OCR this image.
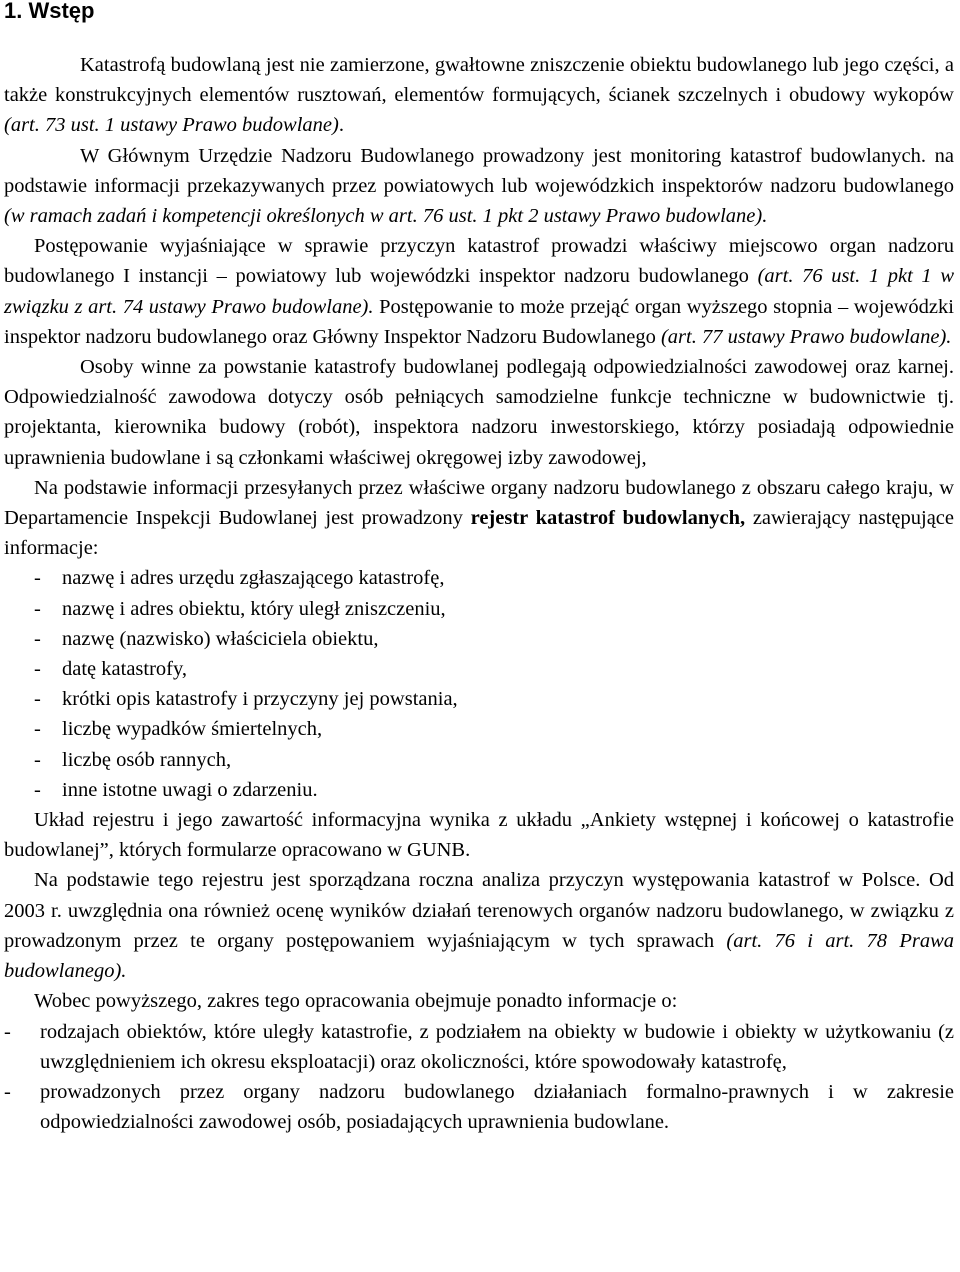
1. Wstęp

Katastrofą budowlaną jest nie zamierzone, gwałtowne zniszczenie obiektu budowlanego lub jego części, a także konstrukcyjnych elementów rusztowań, elementów formujących, ścianek szczelnych i obudowy wykopów (art. 73 ust. 1 ustawy Prawo budowlane).

W Głównym Urzędzie Nadzoru Budowlanego prowadzony jest monitoring katastrof budowlanych. na podstawie informacji przekazywanych przez powiatowych lub wojewódzkich inspektorów nadzoru budowlanego (w ramach zadań i kompetencji określonych w art. 76 ust. 1 pkt 2 ustawy Prawo budowlane).

Postępowanie wyjaśniające w sprawie przyczyn katastrof prowadzi właściwy miejscowo organ nadzoru budowlanego I instancji – powiatowy lub wojewódzki inspektor nadzoru budowlanego (art. 76 ust. 1 pkt 1 w związku z art. 74 ustawy Prawo budowlane). Postępowanie to może przejąć organ wyższego stopnia – wojewódzki inspektor nadzoru budowlanego oraz Główny Inspektor Nadzoru Budowlanego (art. 77 ustawy Prawo budowlane).

Osoby winne za powstanie katastrofy budowlanej podlegają odpowiedzialności zawodowej oraz karnej. Odpowiedzialność zawodowa dotyczy osób pełniących samodzielne funkcje techniczne w budownictwie tj. projektanta, kierownika budowy (robót), inspektora nadzoru inwestorskiego, którzy posiadają odpowiednie uprawnienia budowlane i są członkami właściwej okręgowej izby zawodowej,

Na podstawie informacji przesyłanych przez właściwe organy nadzoru budowlanego z obszaru całego kraju, w Departamencie Inspekcji Budowlanej jest prowadzony rejestr katastrof budowlanych, zawierający następujące informacje:

- nazwę i adres urzędu zgłaszającego katastrofę,
- nazwę i adres obiektu, który uległ zniszczeniu,
- nazwę (nazwisko) właściciela obiektu,
- datę katastrofy,
- krótki opis katastrofy i przyczyny jej powstania,
- liczbę wypadków śmiertelnych,
- liczbę osób rannych,
- inne istotne uwagi o zdarzeniu.

Układ rejestru i jego zawartość informacyjna wynika z układu „Ankiety wstępnej i końcowej o katastrofie budowlanej”, których formularze opracowano w GUNB.

Na podstawie tego rejestru jest sporządzana roczna analiza przyczyn występowania katastrof w Polsce. Od 2003 r. uwzględnia ona również ocenę wyników działań terenowych organów nadzoru budowlanego, w związku z prowadzonym przez te organy postępowaniem wyjaśniającym w tych sprawach (art. 76 i art. 78 Prawa budowlanego).

Wobec powyższego, zakres tego opracowania obejmuje ponadto informacje o:

- rodzajach obiektów, które uległy katastrofie, z podziałem na obiekty w budowie i obiekty w użytkowaniu (z uwzględnieniem ich okresu eksploatacji) oraz okoliczności, które spowodowały katastrofę,
- prowadzonych przez organy nadzoru budowlanego działaniach formalno-prawnych i w zakresie odpowiedzialności zawodowej osób, posiadających uprawnienia budowlane.
